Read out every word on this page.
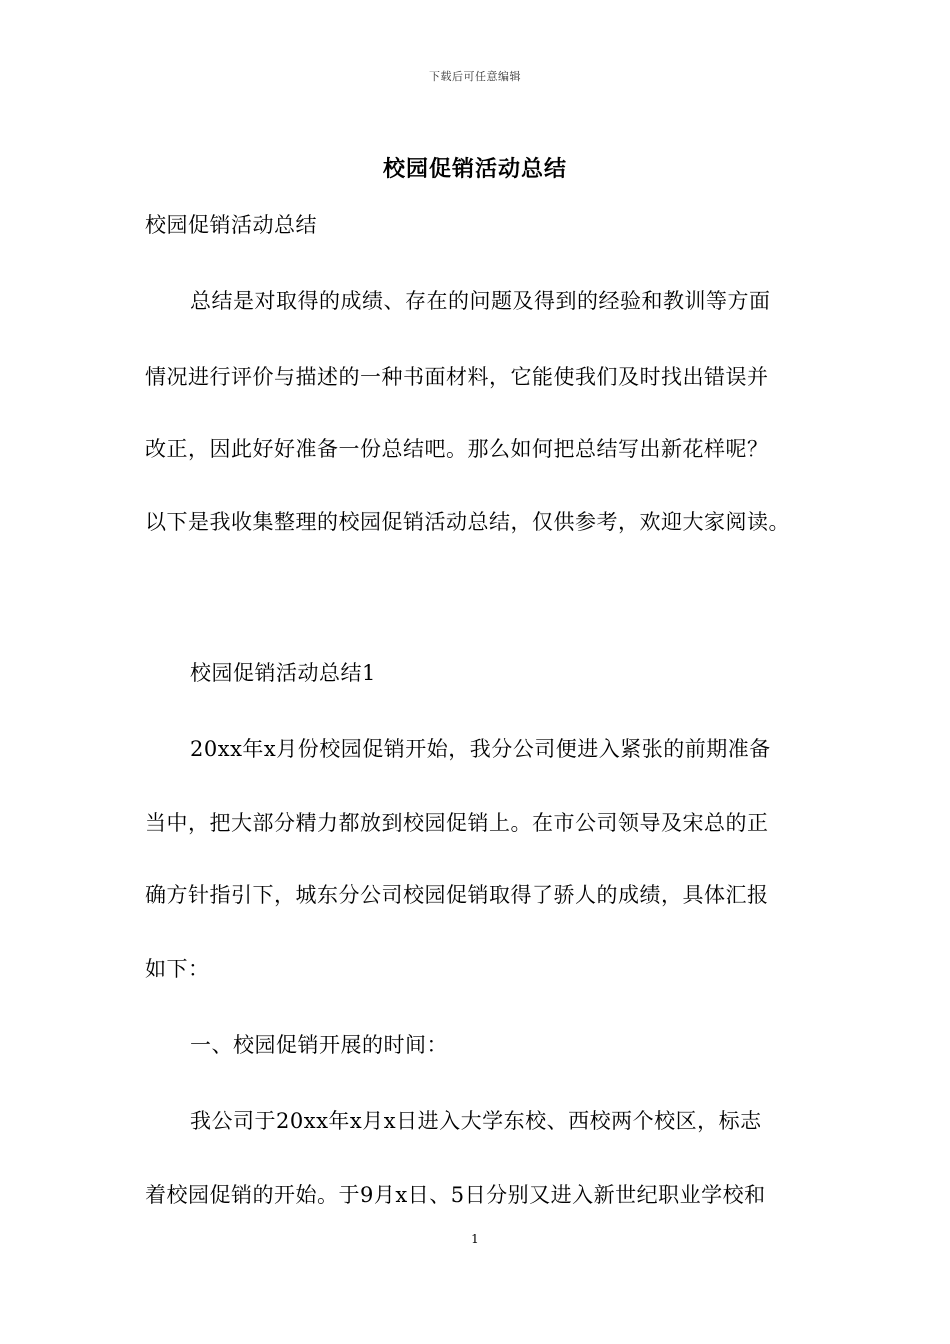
下载后可任意编辑
校园促销活动总结
校园促销活动总结
总结是对取得的成绩、存在的问题及得到的经验和教训等方面
情况进行评价与描述的一种书面材料，它能使我们及时找出错误并
改正，因此好好准备一份总结吧。那么如何把总结写出新花样呢？
以下是我收集整理的校园促销活动总结，仅供参考，欢迎大家阅读。
校园促销活动总结1
20xx年x月份校园促销开始，我分公司便进入紧张的前期准备
当中，把大部分精力都放到校园促销上。在市公司领导及宋总的正
确方针指引下，城东分公司校园促销取得了骄人的成绩，具体汇报
如下：
一、校园促销开展的时间：
我公司于20xx年x月x日进入大学东校、西校两个校区，标志
着校园促销的开始。于9月x日、5日分别又进入新世纪职业学校和
1
